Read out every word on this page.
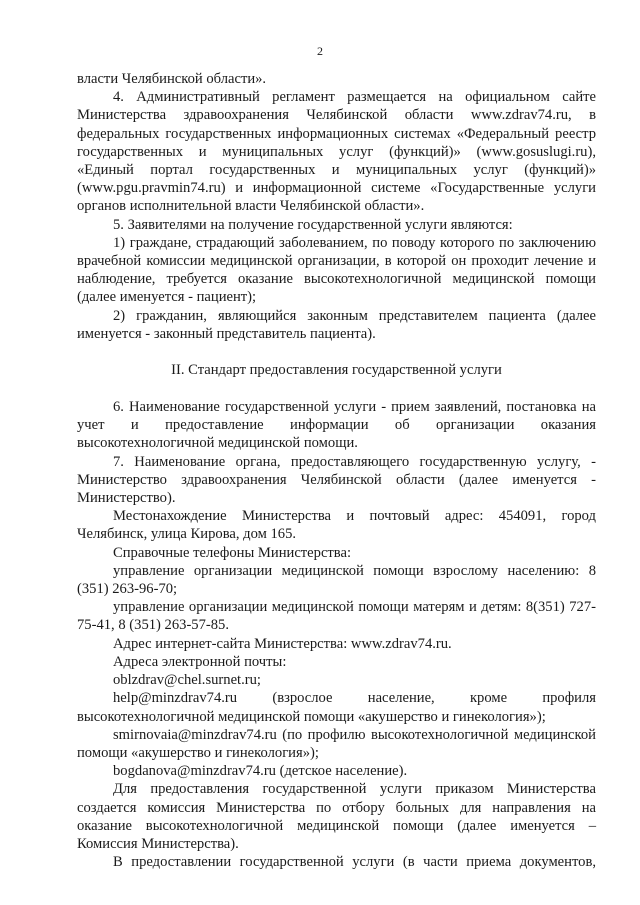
2

власти Челябинской области».

4. Административный регламент размещается на официальном сайте Министерства здравоохранения Челябинской области www.zdrav74.ru, в федеральных государственных информационных системах «Федеральный реестр государственных и муниципальных услуг (функций)» (www.gosuslugi.ru), «Единый портал государственных и муниципальных услуг (функций)» (www.pgu.pravmin74.ru) и информационной системе «Государственные услуги органов исполнительной власти Челябинской области».

5. Заявителями на получение государственной услуги являются:

1) граждане, страдающий заболеванием, по поводу которого по заключению врачебной комиссии медицинской организации, в которой он проходит лечение и наблюдение, требуется оказание высокотехнологичной медицинской помощи (далее именуется - пациент);

2) гражданин, являющийся законным представителем пациента (далее именуется - законный представитель пациента).

II. Стандарт предоставления государственной услуги

6. Наименование государственной услуги - прием заявлений, постановка на учет и предоставление информации об организации оказания высокотехнологичной медицинской помощи.

7. Наименование органа, предоставляющего государственную услугу, - Министерство здравоохранения Челябинской области (далее именуется - Министерство).

Местонахождение Министерства и почтовый адрес: 454091, город Челябинск, улица Кирова, дом 165.

Справочные телефоны Министерства:

управление организации медицинской помощи взрослому населению: 8 (351) 263-96-70;

управление организации медицинской помощи матерям и детям: 8(351) 727-75-41, 8 (351) 263-57-85.

Адрес интернет-сайта Министерства: www.zdrav74.ru.

Адреса электронной почты:

oblzdrav@chel.surnet.ru;

help@minzdrav74.ru (взрослое население, кроме профиля высокотехнологичной медицинской помощи «акушерство и гинекология»);

smirnovaia@minzdrav74.ru (по профилю высокотехнологичной медицинской помощи «акушерство и гинекология»);

bogdanova@minzdrav74.ru (детское население).

Для предоставления государственной услуги приказом Министерства создается комиссия Министерства по отбору больных для направления на оказание высокотехнологичной медицинской помощи (далее именуется – Комиссия Министерства).

В предоставлении государственной услуги (в части приема документов,
